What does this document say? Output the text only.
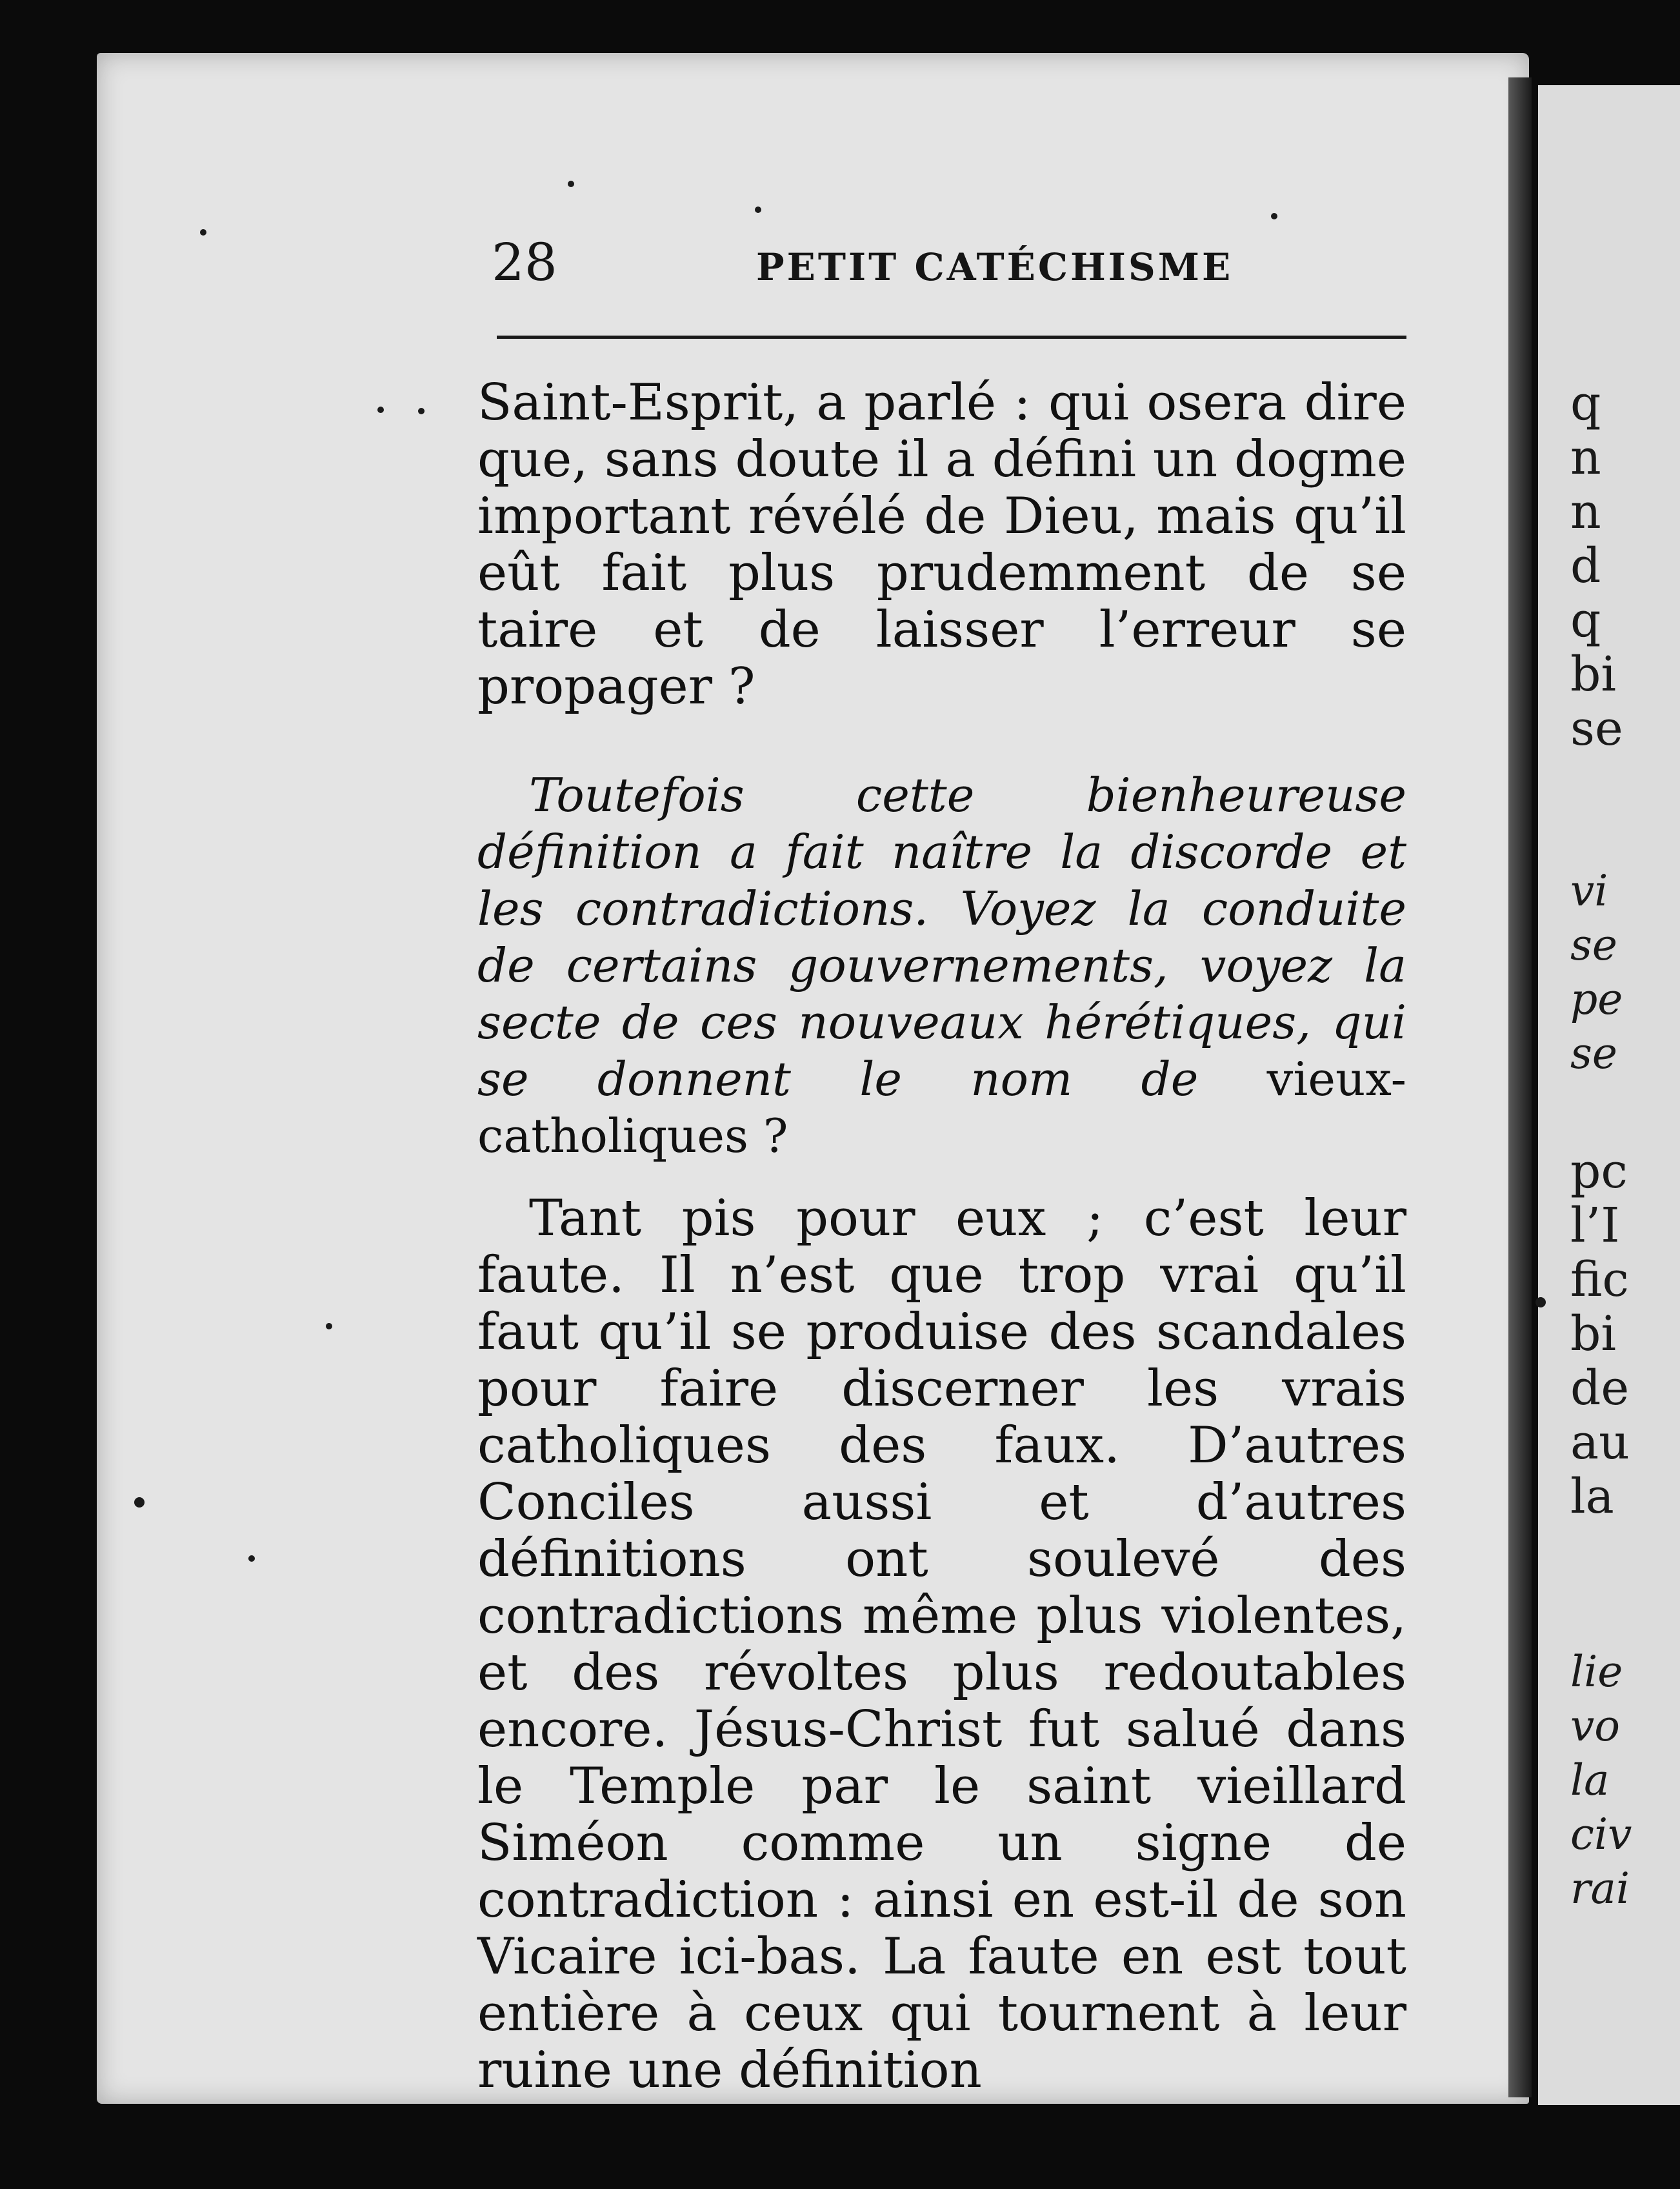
28	PETIT CATÉCHISME

Saint-Esprit, a parlé : qui osera dire que, sans doute il a défini un dogme important révélé de Dieu, mais qu’il eût fait plus prudemment de se taire et de laisser l’erreur se propager ?

Toutefois cette bienheureuse définition a fait naître la discorde et les contradictions. Voyez la conduite de certains gouvernements, voyez la secte de ces nouveaux hérétiques, qui se donnent le nom de vieux-catholiques ?

Tant pis pour eux ; c’est leur faute. Il n’est que trop vrai qu’il faut qu’il se produise des scandales pour faire discerner les vrais catholiques des faux. D’autres Conciles aussi et d’autres définitions ont soulevé des contradictions même plus violentes, et des révoltes plus redoutables encore. Jésus-Christ fut salué dans le Temple par le saint vieillard Siméon comme un signe de contradiction : ainsi en est-il de son Vicaire ici-bas. La faute en est tout entière à ceux qui tournent à leur ruine une définition

q
n
n
d
q
bi
se
vi
se
pe
se
pc
l’I
fic
bi
de
au
la
lie
vo
la
civ
rai
